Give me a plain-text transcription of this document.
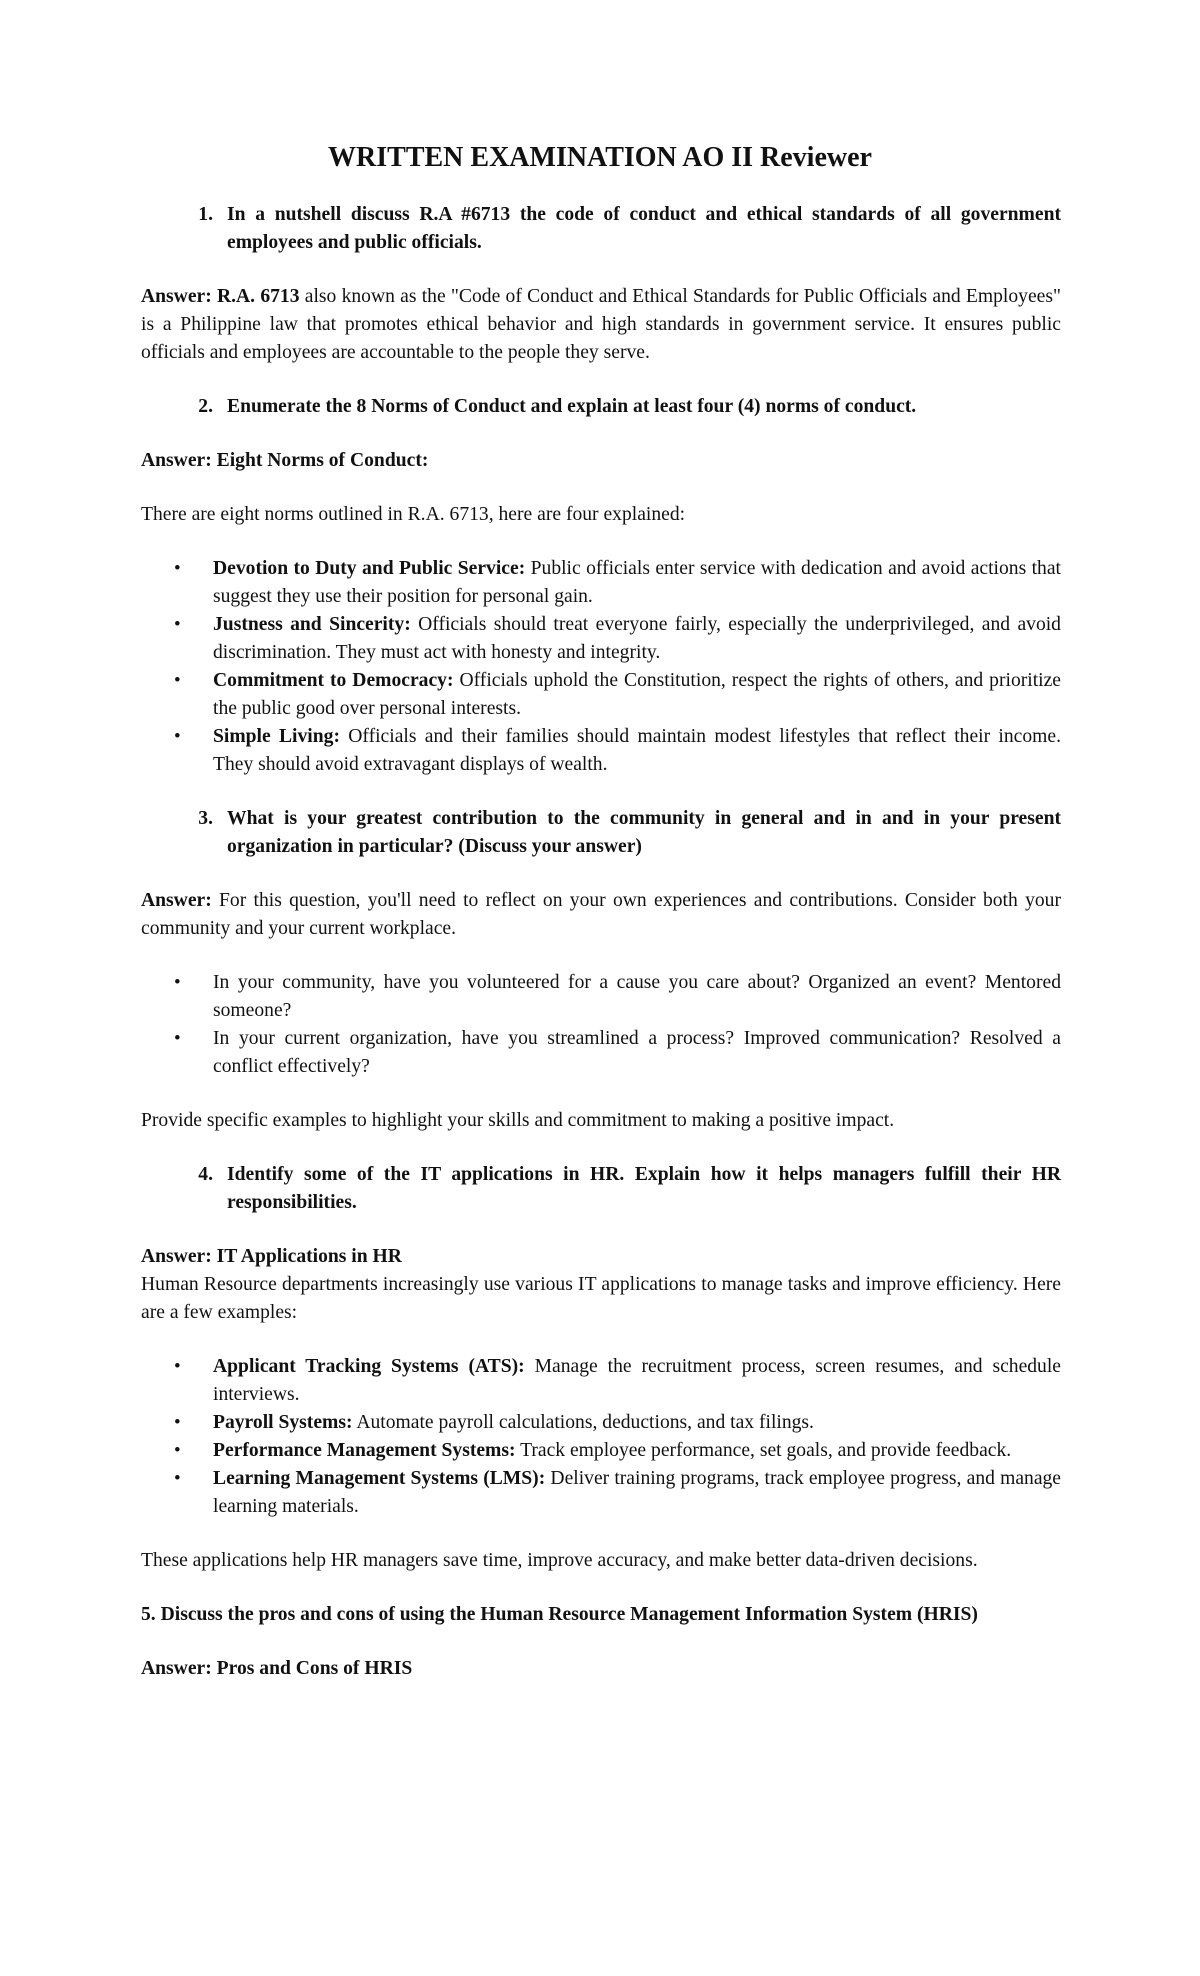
WRITTEN EXAMINATION AO II Reviewer
1. In a nutshell discuss R.A #6713 the code of conduct and ethical standards of all government employees and public officials.

Answer: R.A. 6713 also known as the "Code of Conduct and Ethical Standards for Public Officials and Employees" is a Philippine law that promotes ethical behavior and high standards in government service. It ensures public officials and employees are accountable to the people they serve.

2. Enumerate the 8 Norms of Conduct and explain at least four (4) norms of conduct.

Answer: Eight Norms of Conduct:

There are eight norms outlined in R.A. 6713, here are four explained:

• Devotion to Duty and Public Service: Public officials enter service with dedication and avoid actions that suggest they use their position for personal gain.
• Justness and Sincerity: Officials should treat everyone fairly, especially the underprivileged, and avoid discrimination. They must act with honesty and integrity.
• Commitment to Democracy: Officials uphold the Constitution, respect the rights of others, and prioritize the public good over personal interests.
• Simple Living: Officials and their families should maintain modest lifestyles that reflect their income. They should avoid extravagant displays of wealth.
3. What is your greatest contribution to the community in general and in and in your present organization in particular? (Discuss your answer)

Answer: For this question, you'll need to reflect on your own experiences and contributions. Consider both your community and your current workplace.

• In your community, have you volunteered for a cause you care about? Organized an event? Mentored someone?
• In your current organization, have you streamlined a process? Improved communication? Resolved a conflict effectively?

Provide specific examples to highlight your skills and commitment to making a positive impact.

4. Identify some of the IT applications in HR. Explain how it helps managers fulfill their HR responsibilities.

Answer: IT Applications in HR

Human Resource departments increasingly use various IT applications to manage tasks and improve efficiency. Here are a few examples:

• Applicant Tracking Systems (ATS): Manage the recruitment process, screen resumes, and schedule interviews.
• Payroll Systems: Automate payroll calculations, deductions, and tax filings.
• Performance Management Systems: Track employee performance, set goals, and provide feedback.
• Learning Management Systems (LMS): Deliver training programs, track employee progress, and manage learning materials.

These applications help HR managers save time, improve accuracy, and make better data-driven decisions.

5. Discuss the pros and cons of using the Human Resource Management Information System (HRIS)

Answer: Pros and Cons of HRIS
